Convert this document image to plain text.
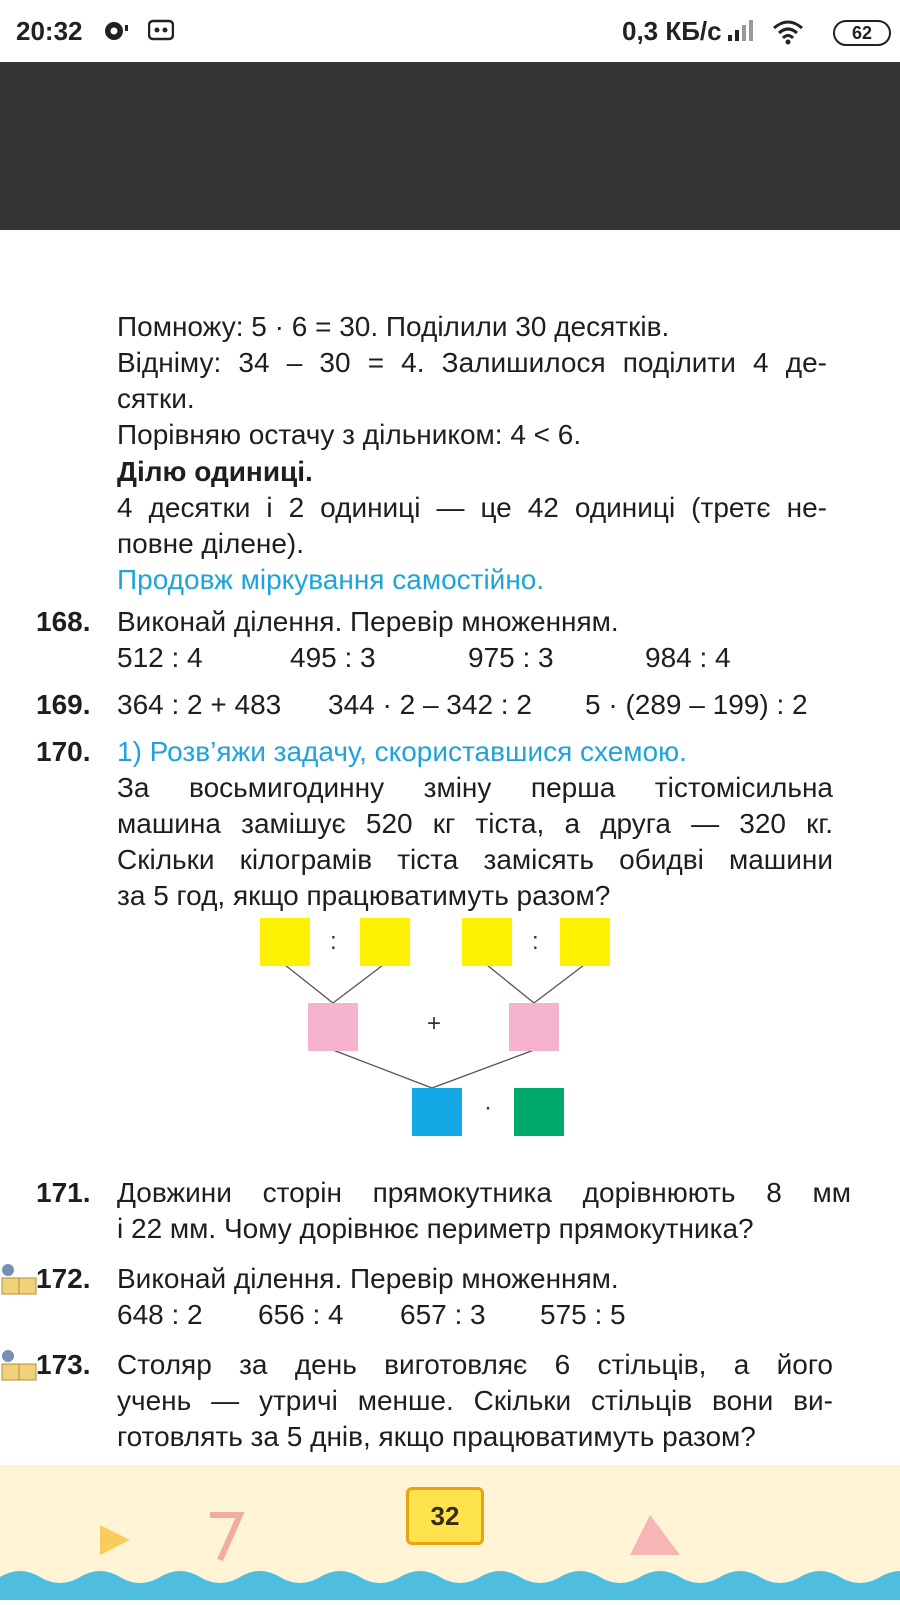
20:32	0,3 КБ/с	62
Помножу: 5 · 6 = 30. Поділили 30 десятків.
Відніму: 34 – 30 = 4. Залишилося поділити 4 де-
сятки.
Порівняю остачу з дільником: 4 < 6.
Ділю одиниці.
4 десятки і 2 одиниці — це 42 одиниці (третє не-
повне ділене).
Продовж міркування самостійно.
168. Виконай ділення. Перевір множенням.
512 : 4	495 : 3	975 : 3	984 : 4
169. 364 : 2 + 483 344 · 2 – 342 : 2 5 · (289 – 199) : 2
170. 1) Розв’яжи задачу, скориставшися схемою.
За восьмигодинну зміну перша тістомісильна
машина замішує 520 кг тіста, а друга — 320 кг.
Скільки кілограмів тіста замісять обидві машини
за 5 год, якщо працюватимуть разом?
:	:
+
·
171. Довжини сторін прямокутника дорівнюють 8 мм
і 22 мм. Чому дорівнює периметр прямокутника?
172. Виконай ділення. Перевір множенням.
648 : 2 656 : 4 657 : 3 575 : 5
173. Столяр за день виготовляє 6 стільців, а його
учень — утричі менше. Скільки стільців вони ви-
готовлять за 5 днів, якщо працюватимуть разом?
32
